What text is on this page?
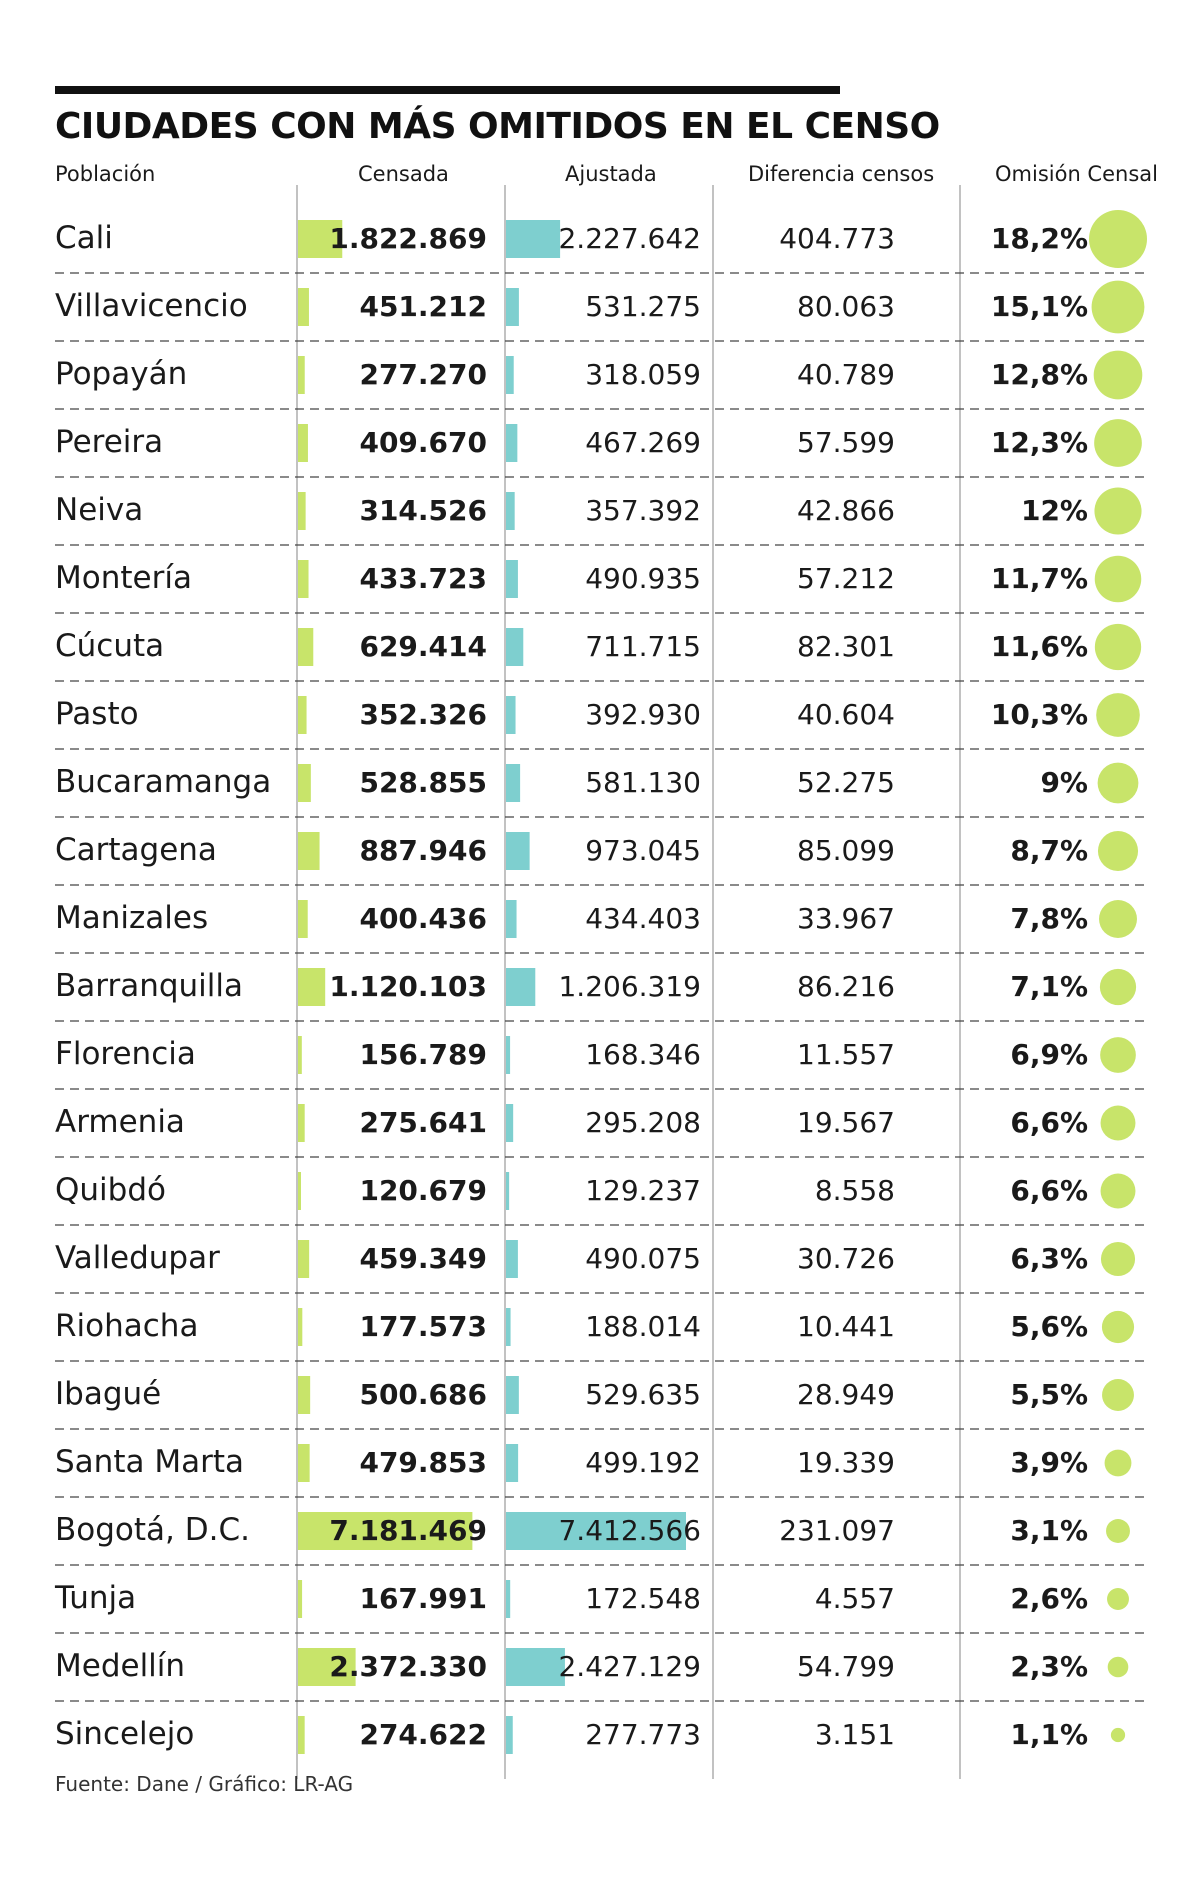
CIUDADES CON MÁS OMITIDOS EN EL CENSO
Población	Censada	Ajustada	Diferencia censos	Omisión Censal
Cali	1.822.869	2.227.642	404.773	18,2%
Villavicencio	451.212	531.275	80.063	15,1%
Popayán	277.270	318.059	40.789	12,8%
Pereira	409.670	467.269	57.599	12,3%
Neiva	314.526	357.392	42.866	12%
Montería	433.723	490.935	57.212	11,7%
Cúcuta	629.414	711.715	82.301	11,6%
Pasto	352.326	392.930	40.604	10,3%
Bucaramanga	528.855	581.130	52.275	9%
Cartagena	887.946	973.045	85.099	8,7%
Manizales	400.436	434.403	33.967	7,8%
Barranquilla	1.120.103	1.206.319	86.216	7,1%
Florencia	156.789	168.346	11.557	6,9%
Armenia	275.641	295.208	19.567	6,6%
Quibdó	120.679	129.237	8.558	6,6%
Valledupar	459.349	490.075	30.726	6,3%
Riohacha	177.573	188.014	10.441	5,6%
Ibagué	500.686	529.635	28.949	5,5%
Santa Marta	479.853	499.192	19.339	3,9%
Bogotá, D.C.	7.181.469	7.412.566	231.097	3,1%
Tunja	167.991	172.548	4.557	2,6%
Medellín	2.372.330	2.427.129	54.799	2,3%
Sincelejo	274.622	277.773	3.151	1,1%
Fuente: Dane / Gráfico: LR-AG
